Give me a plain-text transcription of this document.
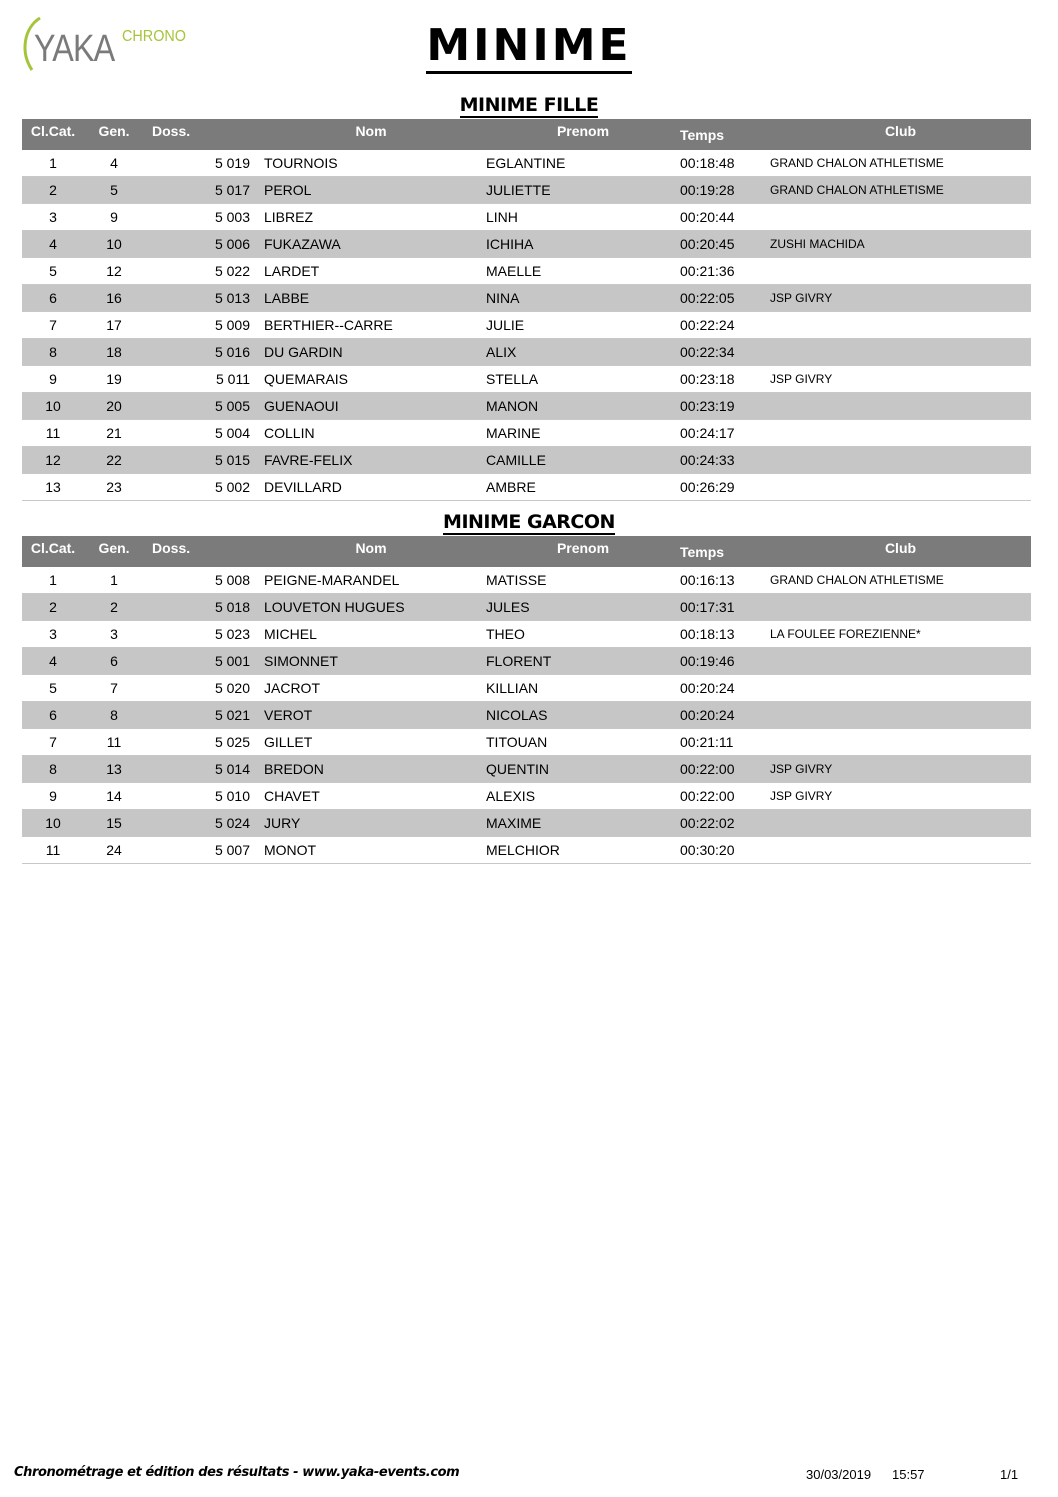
YAKA CHRONO	MINIME
MINIME FILLE
Cl.Cat.	Gen.	Doss.	Nom	Prenom	Temps	Club
1	4	5 019	TOURNOIS	EGLANTINE	00:18:48	GRAND CHALON ATHLETISME
2	5	5 017	PEROL	JULIETTE	00:19:28	GRAND CHALON ATHLETISME
3	9	5 003	LIBREZ	LINH	00:20:44	
4	10	5 006	FUKAZAWA	ICHIHA	00:20:45	ZUSHI MACHIDA
5	12	5 022	LARDET	MAELLE	00:21:36	
6	16	5 013	LABBE	NINA	00:22:05	JSP GIVRY
7	17	5 009	BERTHIER--CARRE	JULIE	00:22:24	
8	18	5 016	DU GARDIN	ALIX	00:22:34	
9	19	5 011	QUEMARAIS	STELLA	00:23:18	JSP GIVRY
10	20	5 005	GUENAOUI	MANON	00:23:19	
11	21	5 004	COLLIN	MARINE	00:24:17	
12	22	5 015	FAVRE-FELIX	CAMILLE	00:24:33	
13	23	5 002	DEVILLARD	AMBRE	00:26:29	
MINIME GARCON
Cl.Cat.	Gen.	Doss.	Nom	Prenom	Temps	Club
1	1	5 008	PEIGNE-MARANDEL	MATISSE	00:16:13	GRAND CHALON ATHLETISME
2	2	5 018	LOUVETON HUGUES	JULES	00:17:31	
3	3	5 023	MICHEL	THEO	00:18:13	LA FOULEE FOREZIENNE*
4	6	5 001	SIMONNET	FLORENT	00:19:46	
5	7	5 020	JACROT	KILLIAN	00:20:24	
6	8	5 021	VEROT	NICOLAS	00:20:24	
7	11	5 025	GILLET	TITOUAN	00:21:11	
8	13	5 014	BREDON	QUENTIN	00:22:00	JSP GIVRY
9	14	5 010	CHAVET	ALEXIS	00:22:00	JSP GIVRY
10	15	5 024	JURY	MAXIME	00:22:02	
11	24	5 007	MONOT	MELCHIOR	00:30:20	
Chronométrage et édition des résultats - www.yaka-events.com	30/03/2019 15:57	1/1
